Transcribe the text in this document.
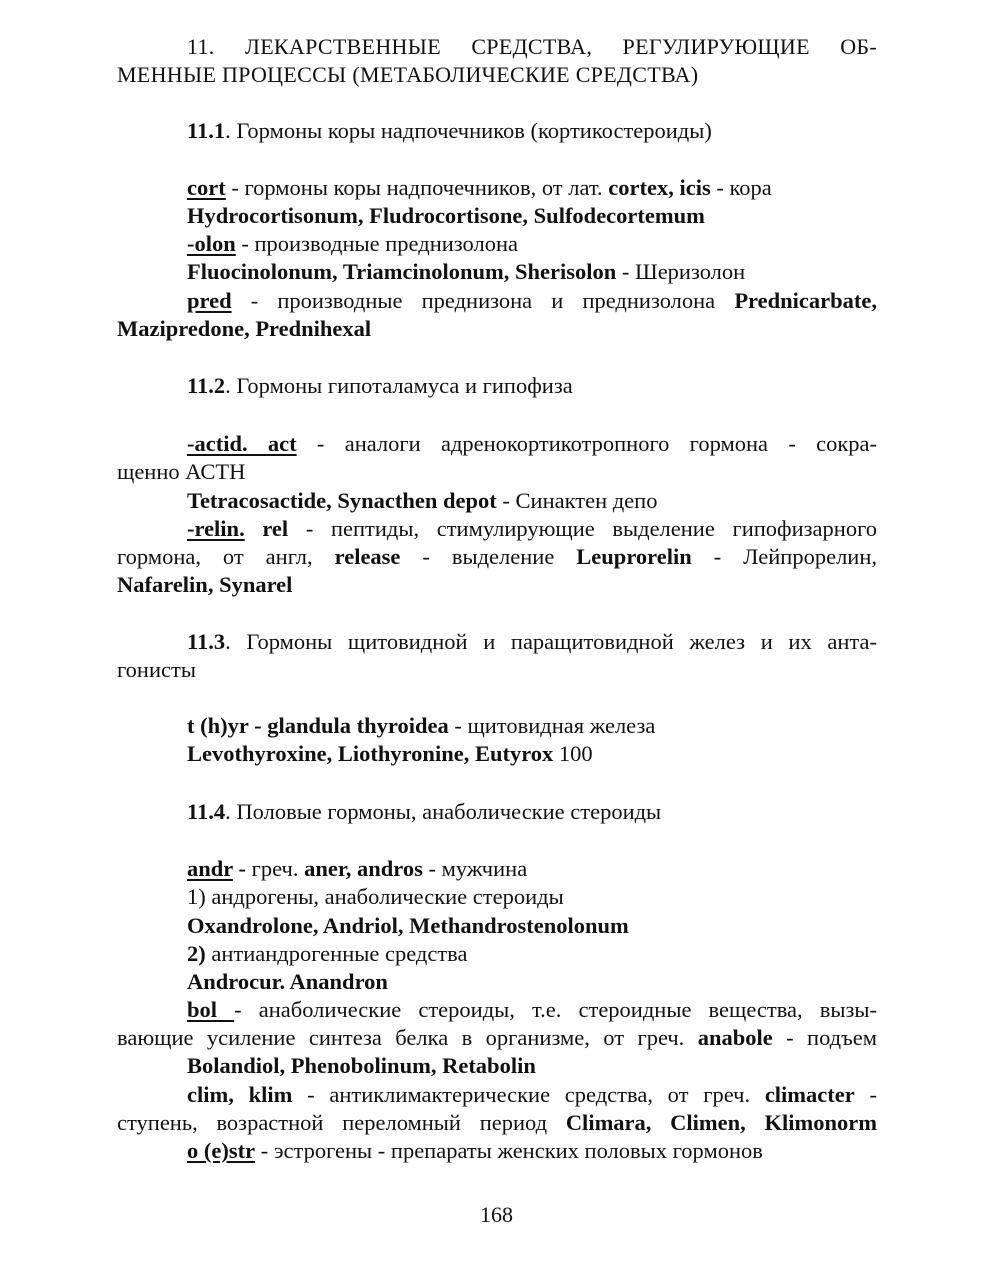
11. ЛЕКАРСТВЕННЫЕ СРЕДСТВА, РЕГУЛИРУЮЩИЕ ОБ-
МЕННЫЕ ПРОЦЕССЫ (МЕТАБОЛИЧЕСКИЕ СРЕДСТВА)
11.1. Гормоны коры надпочечников (кортикостероиды)
cort - гормоны коры надпочечников, от лат. cortex, icis - кора
Hydrocortisonum, Fludrocortisone, Sulfodecortemum
-olon - производные преднизолона
Fluocinolonum, Triamcinolonum, Sherisolon - Шеризолон
pred - производные преднизона и преднизолона Prednicarbate,
Mazipredone, Prednihexal
11.2. Гормоны гипоталамуса и гипофиза
-actid. act - аналоги адренокортикотропного гормона - сокра-
щенно АСТН
Tetracosactide, Synacthen depot - Синактен депо
-relin. rel - пептиды, стимулирующие выделение гипофизарного
гормона, от англ, release - выделение Leuprorelin - Лейпрорелин,
Nafarelin, Synarel
11.3. Гормоны щитовидной и паращитовидной желез и их анта-
гонисты
t (h)yr - glandula thyroidea - щитовидная железа
Levothyroxine, Liothyronine, Eutyrox 100
11.4. Половые гормоны, анаболические стероиды
andr - греч. aner, andros - мужчина
1) андрогены, анаболические стероиды
Oxandrolone, Andriol, Methandrostenolonum
2) антиандрогенные средства
Androcur. Anandron
bol - анаболические стероиды, т.е. стероидные вещества, вызы-
вающие усиление синтеза белка в организме, от греч. anabole - подъем
Bolandiol, Phenobolinum, Retabolin
clim, klim - антиклимактерические средства, от греч. climacter -
ступень, возрастной переломный период Climara, Climen, Klimonorm
o (e)str - эстрогены - препараты женских половых гормонов
168
